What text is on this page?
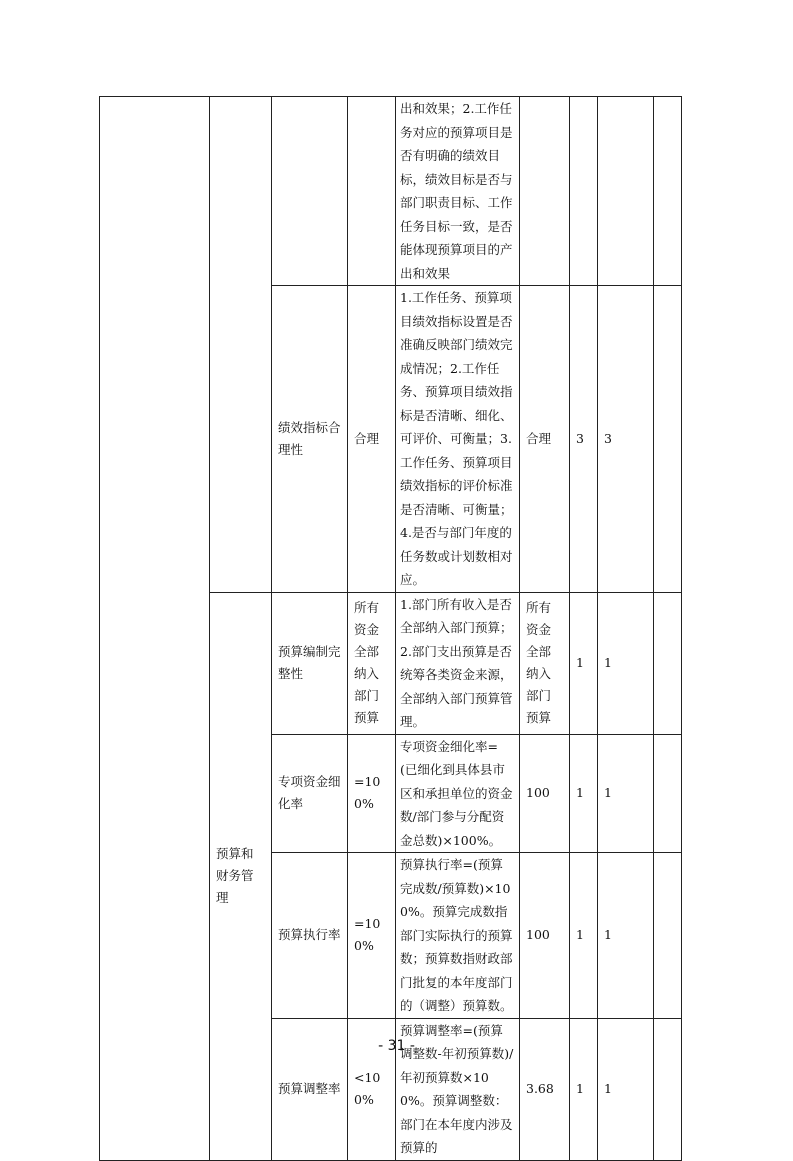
				出和效果；2.工作任务对应的预算项目是否有明确的绩效目标，绩效目标是否与部门职责目标、工作任务目标一致，是否能体现预算项目的产出和效果				
		绩效指标合理性	合理	1.工作任务、预算项目绩效指标设置是否准确反映部门绩效完成情况；2.工作任务、预算项目绩效指标是否清晰、细化、可评价、可衡量；3.工作任务、预算项目绩效指标的评价标准是否清晰、可衡量；4.是否与部门年度的任务数或计划数相对应。	合理	3	3	
	预算和财务管理	预算编制完整性	所有资金全部纳入部门预算	1.部门所有收入是否全部纳入部门预算；2.部门支出预算是否统筹各类资金来源，全部纳入部门预算管理。	所有资金全部纳入部门预算	1	1	
		专项资金细化率	=100%	专项资金细化率=(已细化到具体县市区和承担单位的资金数/部门参与分配资金总数)×100%。	100	1	1	
		预算执行率	=100%	预算执行率=(预算完成数/预算数)×100%。预算完成数指部门实际执行的预算数；预算数指财政部门批复的本年度部门的（调整）预算数。	100	1	1	
		预算调整率	<100%	预算调整率=(预算调整数-年初预算数)/年初预算数×100%。预算调整数：部门在本年度内涉及预算的	3.68	1	1	
- 31 -
